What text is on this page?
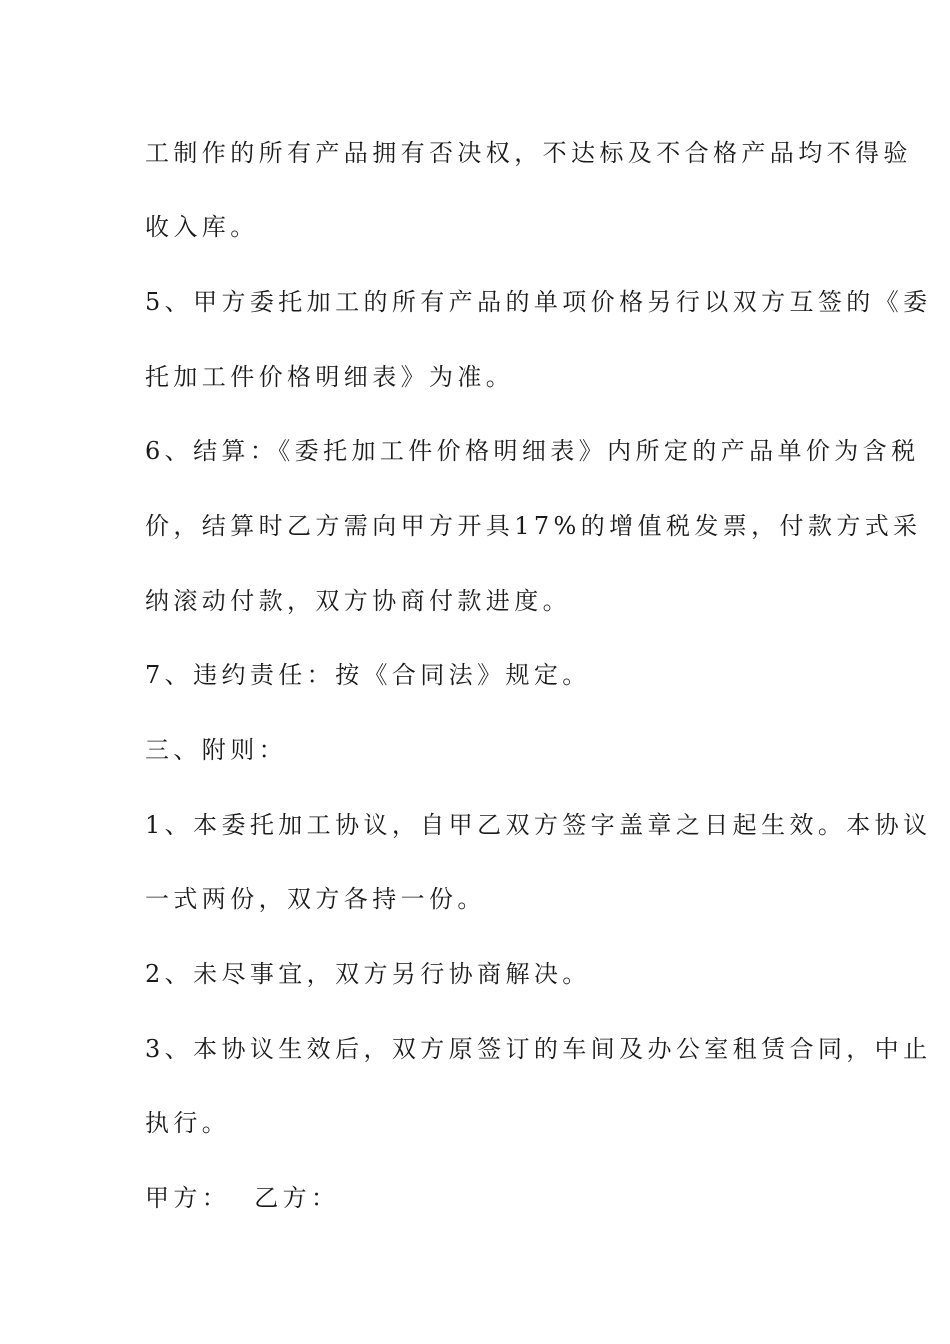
工制作的所有产品拥有否决权，不达标及不合格产品均不得验
收入库。
5、甲方委托加工的所有产品的单项价格另行以双方互签的《委
托加工件价格明细表》为准。
6、结算：《委托加工件价格明细表》内所定的产品单价为含税
价，结算时乙方需向甲方开具17%的增值税发票，付款方式采
纳滚动付款，双方协商付款进度。
7、违约责任：按《合同法》规定。
三、附则：
1、本委托加工协议，自甲乙双方签字盖章之日起生效。本协议
一式两份，双方各持一份。
2、未尽事宜，双方另行协商解决。
3、本协议生效后，双方原签订的车间及办公室租赁合同，中止
执行。
甲方：  乙方：
